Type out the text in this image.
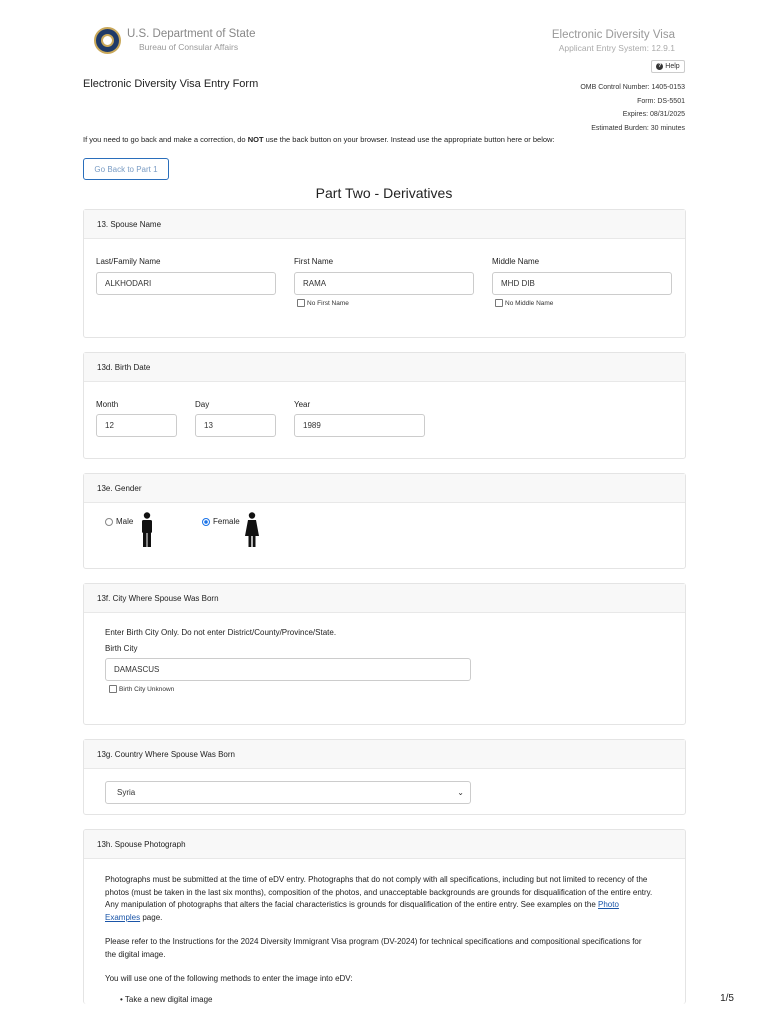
U.S. Department of State
Bureau of Consular Affairs
Electronic Diversity Visa
Applicant Entry System: 12.9.1
? Help
Electronic Diversity Visa Entry Form	OMB Control Number: 1405-0153
Form: DS-5501
Expires: 08/31/2025
Estimated Burden: 30 minutes
If you need to go back and make a correction, do NOT use the back button on your browser. Instead use the appropriate button here or below:
Go Back to Part 1
Part Two - Derivatives
13. Spouse Name
Last/Family Name
ALKHODARI
First Name
RAMA
No First Name
Middle Name
MHD DIB
No Middle Name
13d. Birth Date
Month
12
Day
13
Year
1989
13e. Gender
Male	Female
13f. City Where Spouse Was Born
Enter Birth City Only. Do not enter District/County/Province/State.
Birth City
DAMASCUS
Birth City Unknown
13g. Country Where Spouse Was Born
Syria	⌄
13h. Spouse Photograph
Photographs must be submitted at the time of eDV entry. Photographs that do not comply with all specifications, including but not limited to recency of the photos (must be taken in the last six months), composition of the photos, and unacceptable backgrounds are grounds for disqualification of the entire entry. Any manipulation of photographs that alters the facial characteristics is grounds for disqualification of the entire entry. See examples on the Photo Examples page.
Please refer to the Instructions for the 2024 Diversity Immigrant Visa program (DV-2024) for technical specifications and compositional specifications for the digital image.
You will use one of the following methods to enter the image into eDV:
• Take a new digital image	1/5
